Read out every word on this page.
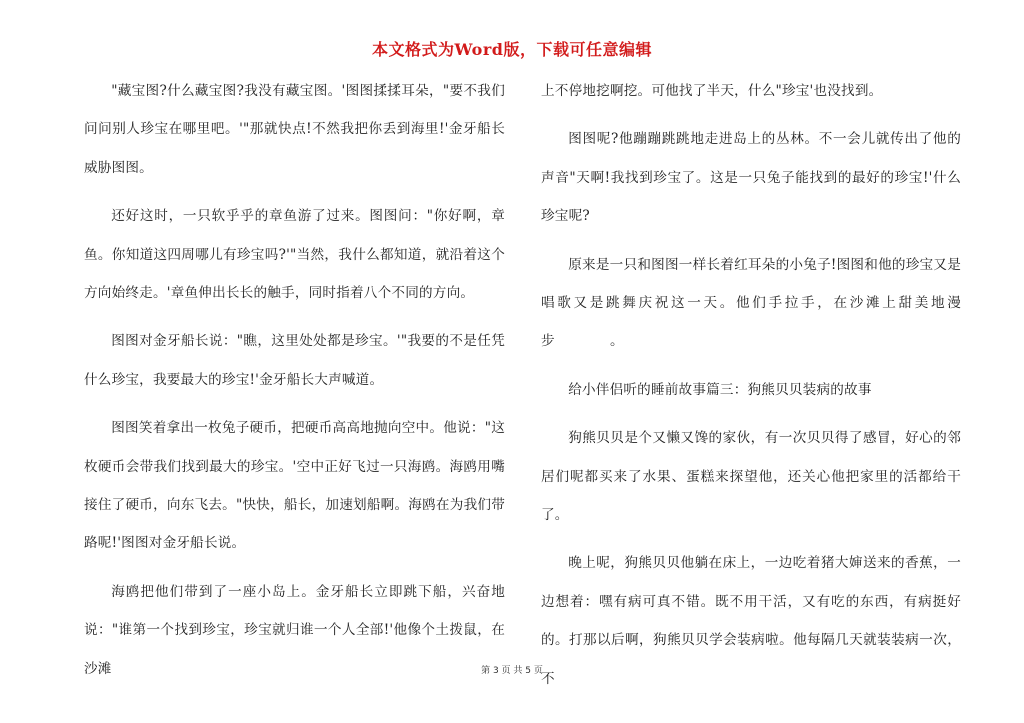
本文格式为Word版，下载可任意编辑

"藏宝图?什么藏宝图?我没有藏宝图。'图图揉揉耳朵，"要不我们问问别人珍宝在哪里吧。'"那就快点!不然我把你丢到海里!'金牙船长威胁图图。

还好这时，一只软乎乎的章鱼游了过来。图图问："你好啊，章鱼。你知道这四周哪儿有珍宝吗?'"当然，我什么都知道，就沿着这个方向始终走。'章鱼伸出长长的触手，同时指着八个不同的方向。

图图对金牙船长说："瞧，这里处处都是珍宝。'"我要的不是任凭什么珍宝，我要最大的珍宝!'金牙船长大声喊道。

图图笑着拿出一枚兔子硬币，把硬币高高地抛向空中。他说："这枚硬币会带我们找到最大的珍宝。'空中正好飞过一只海鸥。海鸥用嘴接住了硬币，向东飞去。"快快，船长，加速划船啊。海鸥在为我们带路呢!'图图对金牙船长说。

海鸥把他们带到了一座小岛上。金牙船长立即跳下船，兴奋地说："谁第一个找到珍宝，珍宝就归谁一个人全部!'他像个土拨鼠，在沙滩

上不停地挖啊挖。可他找了半天，什么"珍宝'也没找到。

图图呢?他蹦蹦跳跳地走进岛上的丛林。不一会儿就传出了他的声音"天啊!我找到珍宝了。这是一只兔子能找到的最好的珍宝!'什么珍宝呢?

原来是一只和图图一样长着红耳朵的小兔子!图图和他的珍宝又是唱歌又是跳舞庆祝这一天。他们手拉手，在沙滩上甜美地漫步　　　　。

给小伴侣听的睡前故事篇三：狗熊贝贝装病的故事

狗熊贝贝是个又懒又馋的家伙，有一次贝贝得了感冒，好心的邻居们呢都买来了水果、蛋糕来探望他，还关心他把家里的活都给干了。

晚上呢，狗熊贝贝他躺在床上，一边吃着猪大婶送来的香蕉，一边想着：嘿有病可真不错。既不用干活，又有吃的东西，有病挺好的。打那以后啊，狗熊贝贝学会装病啦。他每隔几天就装装病一次，不

第 3 页 共 5 页
